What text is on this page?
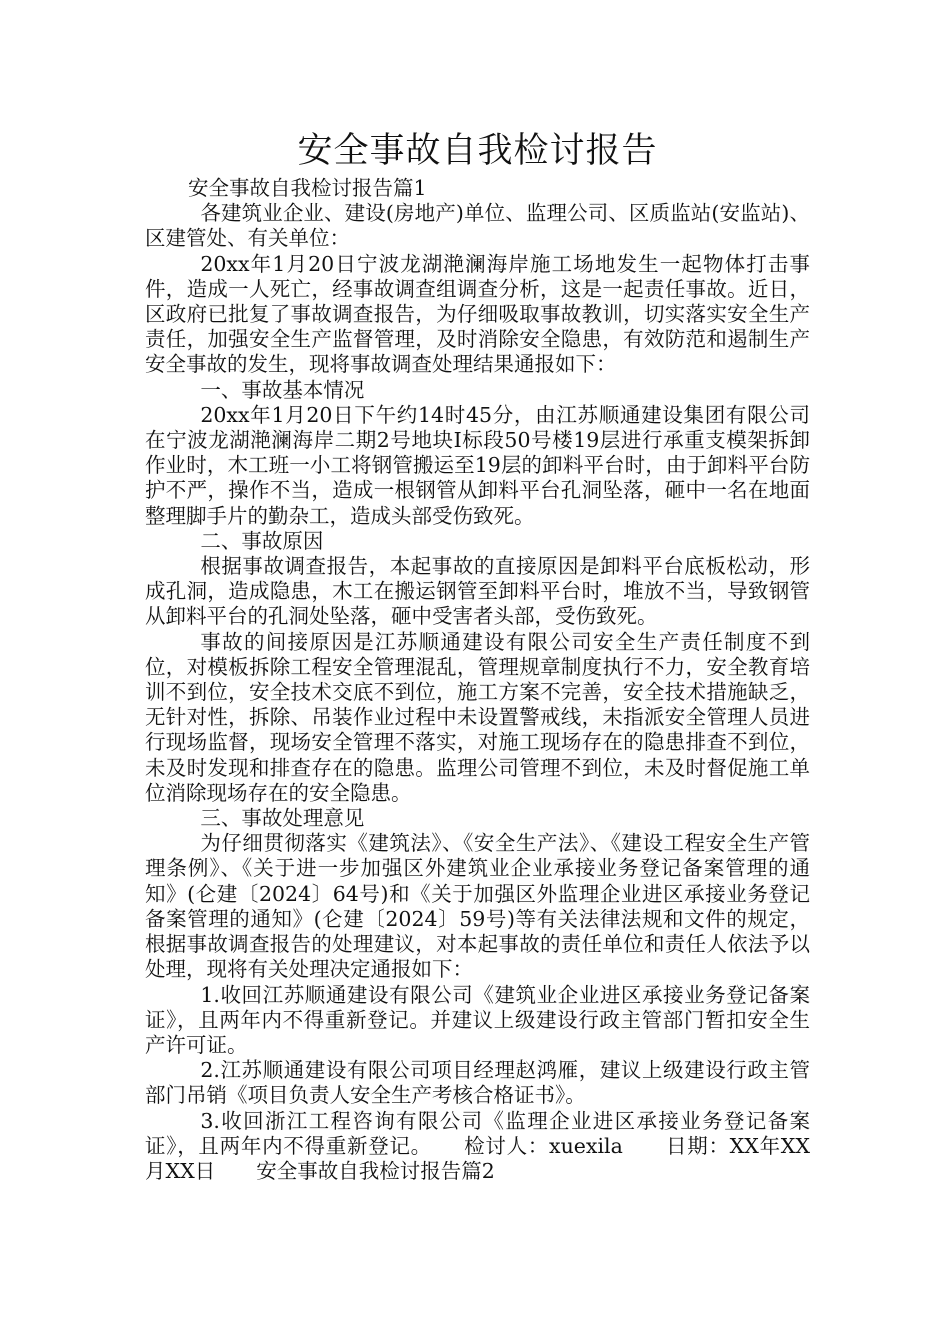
安全事故自我检讨报告

安全事故自我检讨报告篇1

各建筑业企业、建设(房地产)单位、监理公司、区质监站(安监站)、区建管处、有关单位：

20xx年1月20日宁波龙湖滟澜海岸施工场地发生一起物体打击事件，造成一人死亡，经事故调查组调查分析，这是一起责任事故。近日，区政府已批复了事故调查报告，为仔细吸取事故教训，切实落实安全生产责任，加强安全生产监督管理，及时消除安全隐患，有效防范和遏制生产安全事故的发生，现将事故调查处理结果通报如下：

一、事故基本情况

20xx年1月20日下午约14时45分，由江苏顺通建设集团有限公司在宁波龙湖滟澜海岸二期2号地块Ⅰ标段50号楼19层进行承重支模架拆卸作业时，木工班一小工将钢管搬运至19层的卸料平台时，由于卸料平台防护不严，操作不当，造成一根钢管从卸料平台孔洞坠落，砸中一名在地面整理脚手片的勤杂工，造成头部受伤致死。

二、事故原因

根据事故调查报告，本起事故的直接原因是卸料平台底板松动，形成孔洞，造成隐患，木工在搬运钢管至卸料平台时，堆放不当，导致钢管从卸料平台的孔洞处坠落，砸中受害者头部，受伤致死。

事故的间接原因是江苏顺通建设有限公司安全生产责任制度不到位，对模板拆除工程安全管理混乱，管理规章制度执行不力，安全教育培训不到位，安全技术交底不到位，施工方案不完善，安全技术措施缺乏，无针对性，拆除、吊装作业过程中未设置警戒线，未指派安全管理人员进行现场监督，现场安全管理不落实，对施工现场存在的隐患排查不到位，未及时发现和排查存在的隐患。监理公司管理不到位，未及时督促施工单位消除现场存在的安全隐患。

三、事故处理意见

为仔细贯彻落实《建筑法》、《安全生产法》、《建设工程安全生产管理条例》、《关于进一步加强区外建筑业企业承接业务登记备案管理的通知》(仑建〔2024〕64号)和《关于加强区外监理企业进区承接业务登记备案管理的通知》(仑建〔2024〕59号)等有关法律法规和文件的规定，根据事故调查报告的处理建议，对本起事故的责任单位和责任人依法予以处理，现将有关处理决定通报如下：

1.收回江苏顺通建设有限公司《建筑业企业进区承接业务登记备案证》，且两年内不得重新登记。并建议上级建设行政主管部门暂扣安全生产许可证。

2.江苏顺通建设有限公司项目经理赵鸿雁，建议上级建设行政主管部门吊销《项目负责人安全生产考核合格证书》。

3.收回浙江工程咨询有限公司《监理企业进区承接业务登记备案证》，且两年内不得重新登记。　　检讨人：xuexila　　日期：XX年XX月XX日　　安全事故自我检讨报告篇2
